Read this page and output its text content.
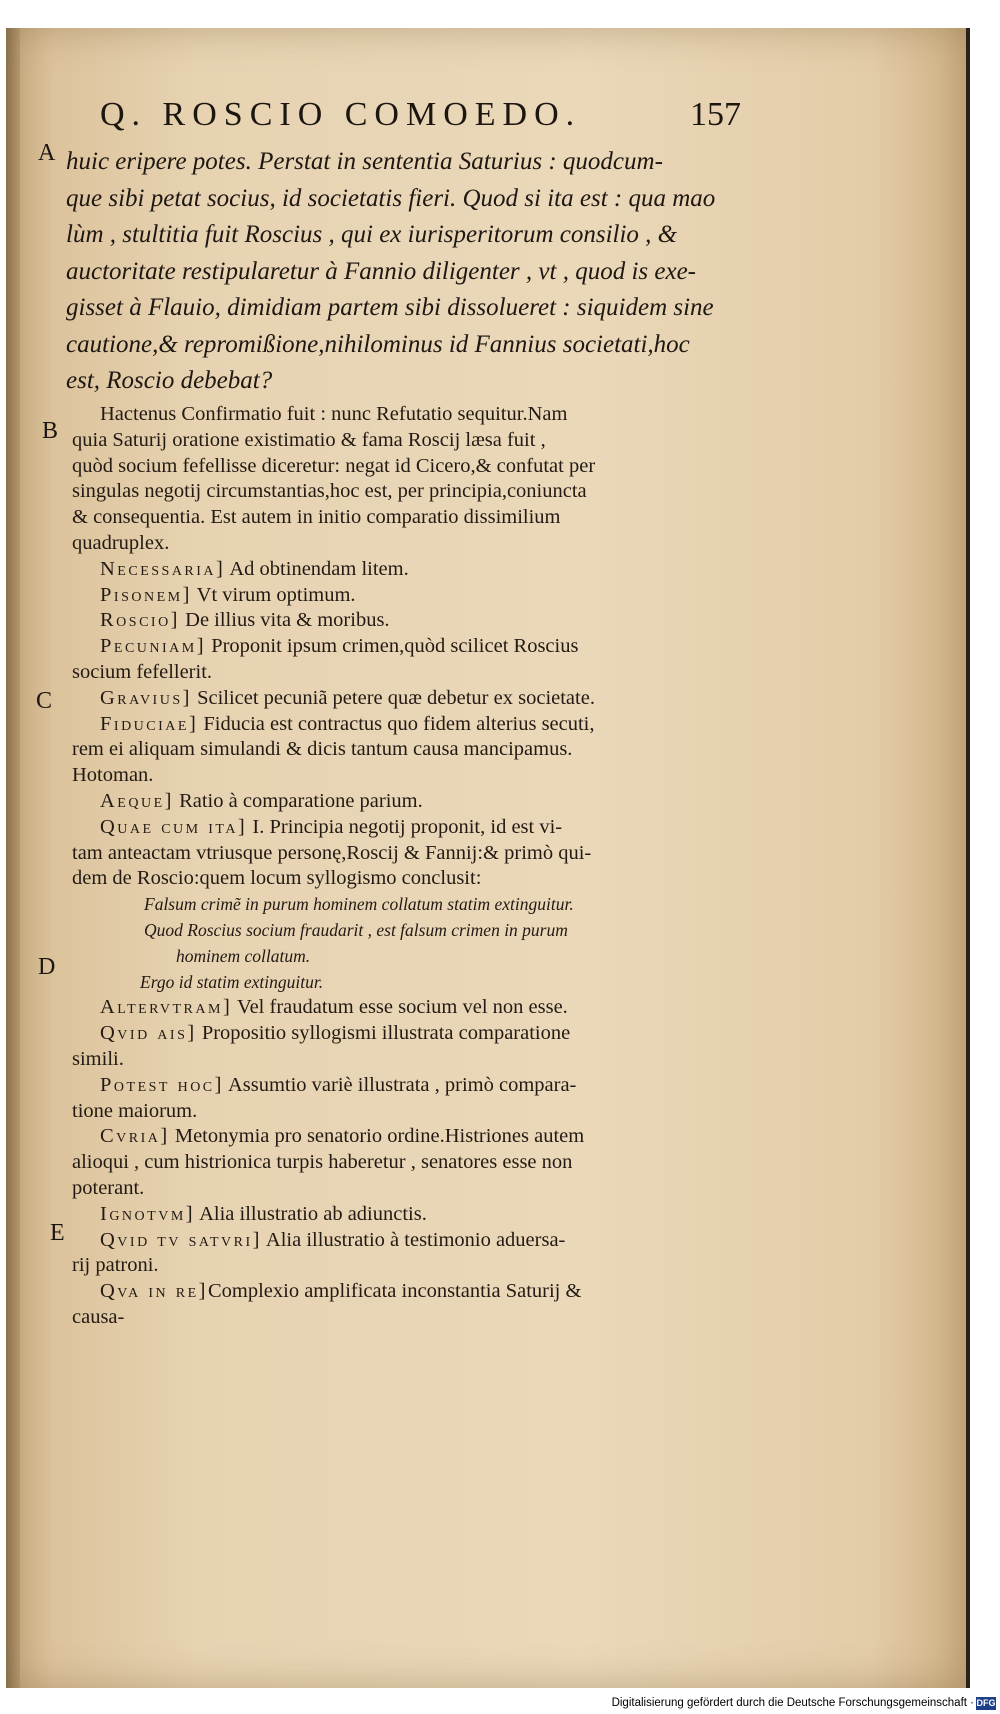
Q. ROSCIO COMOEDO.	157
A
B
C
D
E
huic eripere potes. Perstat in sententia Saturius : quodcum-
que sibi petat socius, id societatis fieri. Quod si ita est : qua mao
lùm , stultitia fuit Roscius , qui ex iurisperitorum consilio , &
auctoritate restipularetur à Fannio diligenter , vt , quod is exe-
gisset à Flauio, dimidiam partem sibi dissolueret : siquidem sine
cautione,& repromißione,nihilominus id Fannius societati,hoc
est, Roscio debebat?
Hactenus Confirmatio fuit : nunc Refutatio sequitur.Nam
quia Saturij oratione existimatio & fama Roscij læsa fuit ,
quòd socium fefellisse diceretur: negat id Cicero,& confutat per
singulas negotij circumstantias,hoc est, per principia,coniuncta
& consequentia. Est autem in initio comparatio dissimilium
quadruplex.
Necessaria] Ad obtinendam litem.
Pisonem] Vt virum optimum.
Roscio] De illius vita & moribus.
Pecuniam] Proponit ipsum crimen,quòd scilicet Roscius
socium fefellerit.
Gravius] Scilicet pecuniã petere quæ debetur ex societate.
Fiduciae] Fiducia est contractus quo fidem alterius secuti,
rem ei aliquam simulandi & dicis tantum causa mancipamus.
Hotoman.
Aeque] Ratio à comparatione parium.
Quae cum ita] I. Principia negotij proponit, id est vi-
tam anteactam vtriusque personę,Roscij & Fannij:& primò qui-
dem de Roscio:quem locum syllogismo conclusit:
Falsum crimẽ in purum hominem collatum statim extinguitur.
Quod Roscius socium fraudarit , est falsum crimen in purum
hominem collatum.
Ergo id statim extinguitur.
Altervtram] Vel fraudatum esse socium vel non esse.
Qvid ais] Propositio syllogismi illustrata comparatione
simili.
Potest hoc] Assumtio variè illustrata , primò compara-
tione maiorum.
Cvria] Metonymia pro senatorio ordine.Histriones autem
alioqui , cum histrionica turpis haberetur , senatores esse non
poterant.
Ignotvm] Alia illustratio ab adiunctis.
Qvid tv satvri] Alia illustratio à testimonio aduersa-
rij patroni.
Qva in re]Complexio amplificata inconstantia Saturij &
causa-
Digitalisierung gefördert durch die Deutsche Forschungsgemeinschaft · DFG
